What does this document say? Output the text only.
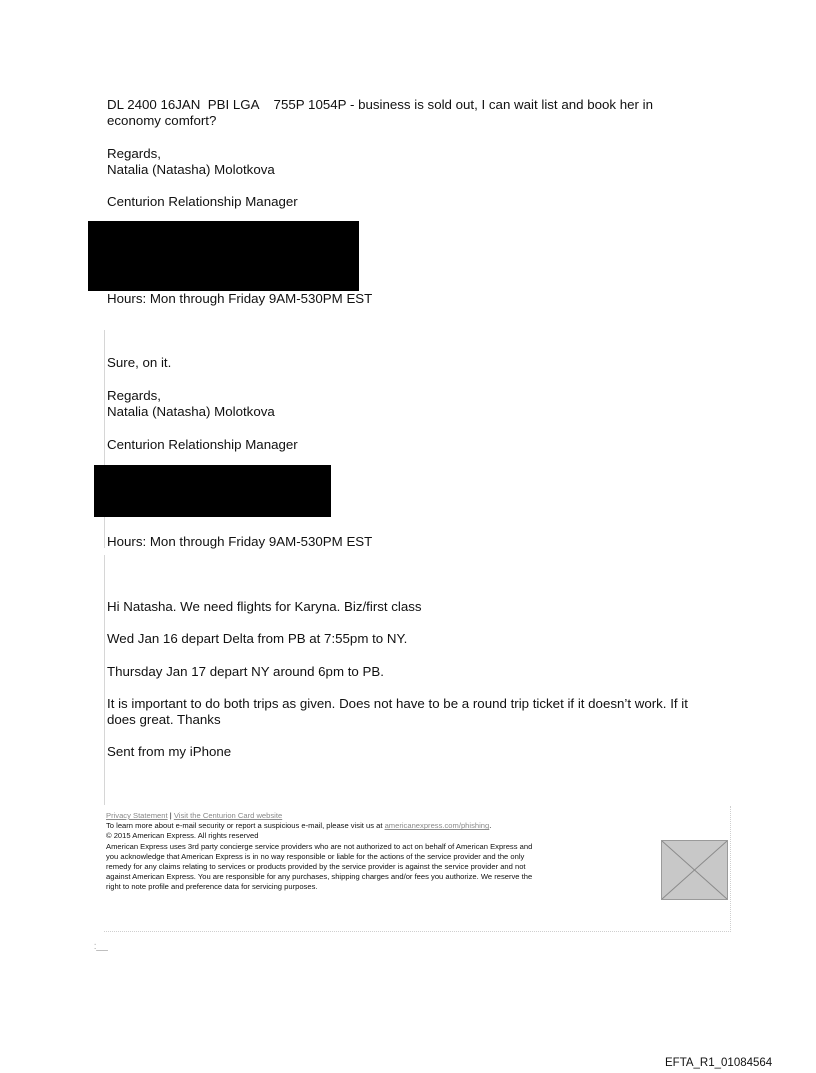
DL 2400 16JAN  PBI LGA    755P 1054P - business is sold out, I can wait list and book her in
economy comfort?
Regards,
Natalia (Natasha) Molotkova
Centurion Relationship Manager
Hours: Mon through Friday 9AM-530PM EST
Sure, on it.
Regards,
Natalia (Natasha) Molotkova
Centurion Relationship Manager
Hours: Mon through Friday 9AM-530PM EST
Hi Natasha. We need flights for Karyna. Biz/first class
Wed Jan 16 depart Delta from PB at 7:55pm to NY.
Thursday Jan 17 depart NY around 6pm to PB.
It is important to do both trips as given. Does not have to be a round trip ticket if it doesn’t work. If it
does great. Thanks
Sent from my iPhone
Privacy Statement | Visit the Centurion Card website
To learn more about e-mail security or report a suspicious e-mail, please visit us at americanexpress.com/phishing.
© 2015 American Express. All rights reserved
American Express uses 3rd party concierge service providers who are not authorized to act on behalf of American Express and
you acknowledge that American Express is in no way responsible or liable for the actions of the service provider and the only
remedy for any claims relating to services or products provided by the service provider is against the service provider and not
against American Express. You are responsible for any purchases, shipping charges and/or fees you authorize. We reserve the
right to note profile and preference data for servicing purposes.
⁚___
EFTA_R1_01084564
